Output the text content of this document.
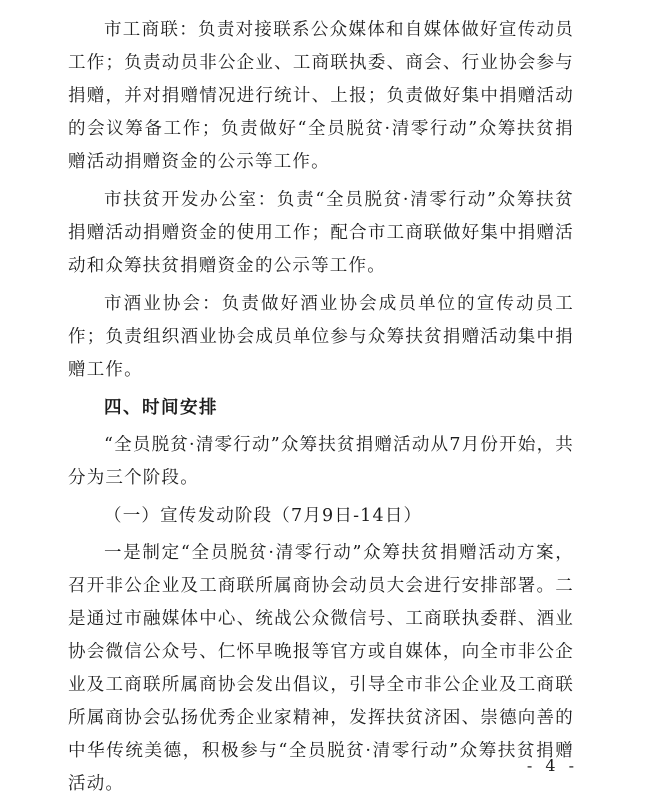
市工商联：负责对接联系公众媒体和自媒体做好宣传动员工作；负责动员非公企业、工商联执委、商会、行业协会参与捐赠，并对捐赠情况进行统计、上报；负责做好集中捐赠活动的会议筹备工作；负责做好“全员脱贫·清零行动”众筹扶贫捐赠活动捐赠资金的公示等工作。

市扶贫开发办公室：负责“全员脱贫·清零行动”众筹扶贫捐赠活动捐赠资金的使用工作；配合市工商联做好集中捐赠活动和众筹扶贫捐赠资金的公示等工作。

市酒业协会：负责做好酒业协会成员单位的宣传动员工作；负责组织酒业协会成员单位参与众筹扶贫捐赠活动集中捐赠工作。

四、时间安排

“全员脱贫·清零行动”众筹扶贫捐赠活动从7月份开始，共分为三个阶段。

（一）宣传发动阶段（7月9日-14日）

一是制定“全员脱贫·清零行动”众筹扶贫捐赠活动方案，召开非公企业及工商联所属商协会动员大会进行安排部署。二是通过市融媒体中心、统战公众微信号、工商联执委群、酒业协会微信公众号、仁怀早晚报等官方或自媒体，向全市非公企业及工商联所属商协会发出倡议，引导全市非公企业及工商联所属商协会弘扬优秀企业家精神，发挥扶贫济困、崇德向善的中华传统美德，积极参与“全员脱贫·清零行动”众筹扶贫捐赠活动。

- 4 -
